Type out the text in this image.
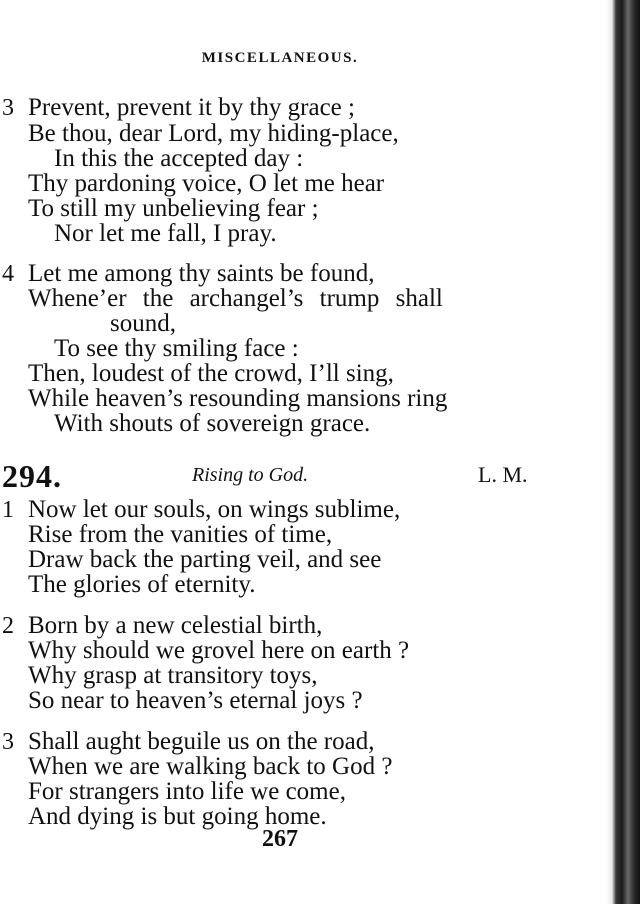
MISCELLANEOUS.
3 Prevent, prevent it by thy grace ;
Be thou, dear Lord, my hiding-place,
In this the accepted day :
Thy pardoning voice, O let me hear
To still my unbelieving fear ;
Nor let me fall, I pray.
4 Let me among thy saints be found,
Whene’er the archangel’s trump shall
sound,
To see thy smiling face :
Then, loudest of the crowd, I’ll sing,
While heaven’s resounding mansions ring
With shouts of sovereign grace.
294.	Rising to God.	L. M.
1 Now let our souls, on wings sublime,
Rise from the vanities of time,
Draw back the parting veil, and see
The glories of eternity.
2 Born by a new celestial birth,
Why should we grovel here on earth ?
Why grasp at transitory toys,
So near to heaven’s eternal joys ?
3 Shall aught beguile us on the road,
When we are walking back to God ?
For strangers into life we come,
And dying is but going home.
267
